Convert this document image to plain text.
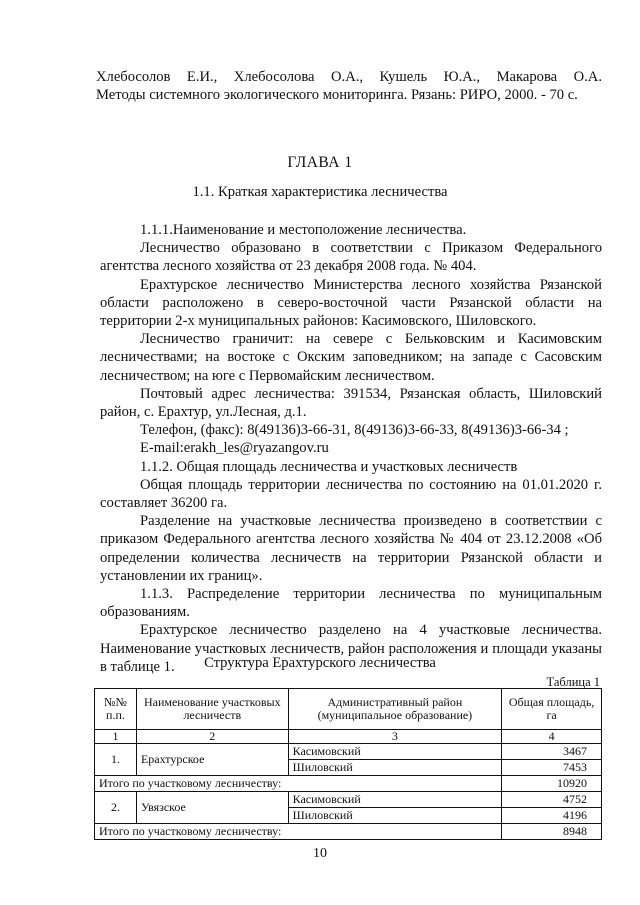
Хлебосолов Е.И., Хлебосолова О.А., Кушель Ю.А., Макарова О.А.
Методы системного экологического мониторинга. Рязань: РИРО, 2000. - 70 с.
ГЛАВА 1
1.1. Краткая характеристика лесничества

1.1.1.Наименование и местоположение лесничества.

Лесничество образовано в соответствии с Приказом Федерального агентства лесного хозяйства от 23 декабря 2008 года. № 404.

Ерахтурское лесничество Министерства лесного хозяйства Рязанской области расположено в северо-восточной части Рязанской области на территории 2-х муниципальных районов: Касимовского, Шиловского.

Лесничество граничит: на севере с Бельковским и Касимовским лесничествами; на востоке с Окским заповедником; на западе с Сасовским лесничеством; на юге с Первомайским лесничеством.

Почтовый адрес лесничества: 391534, Рязанская область, Шиловский район, с. Ерахтур, ул.Лесная, д.1.

Телефон, (факс): 8(49136)3-66-31, 8(49136)3-66-33, 8(49136)3-66-34 ;

E-mail:erakh_les@ryazangov.ru

1.1.2. Общая площадь лесничества и участковых лесничеств

Общая площадь территории лесничества по состоянию на 01.01.2020 г. составляет 36200 га.

Разделение на участковые лесничества произведено в соответствии с приказом Федерального агентства лесного хозяйства № 404 от 23.12.2008 «Об определении количества лесничеств на территории Рязанской области и установлении их границ».

1.1.3. Распределение территории лесничества по муниципальным образованиям.

Ерахтурское лесничество разделено на 4 участковые лесничества. Наименование участковых лесничеств, район расположения и площади указаны в таблице 1.	Структура Ерахтурского лесничества
Таблица 1
№№ п.п.	Наименование участковых лесничеств	Административный район (муниципальное образование)	Общая площадь, га
1	2	3	4
1.	Ерахтурское	Касимовский	3467
		Шиловский	7453
Итого по участковому лесничеству:			10920
2.	Увязское	Касимовский	4752
		Шиловский	4196
Итого по участковому лесничеству:			8948
10
